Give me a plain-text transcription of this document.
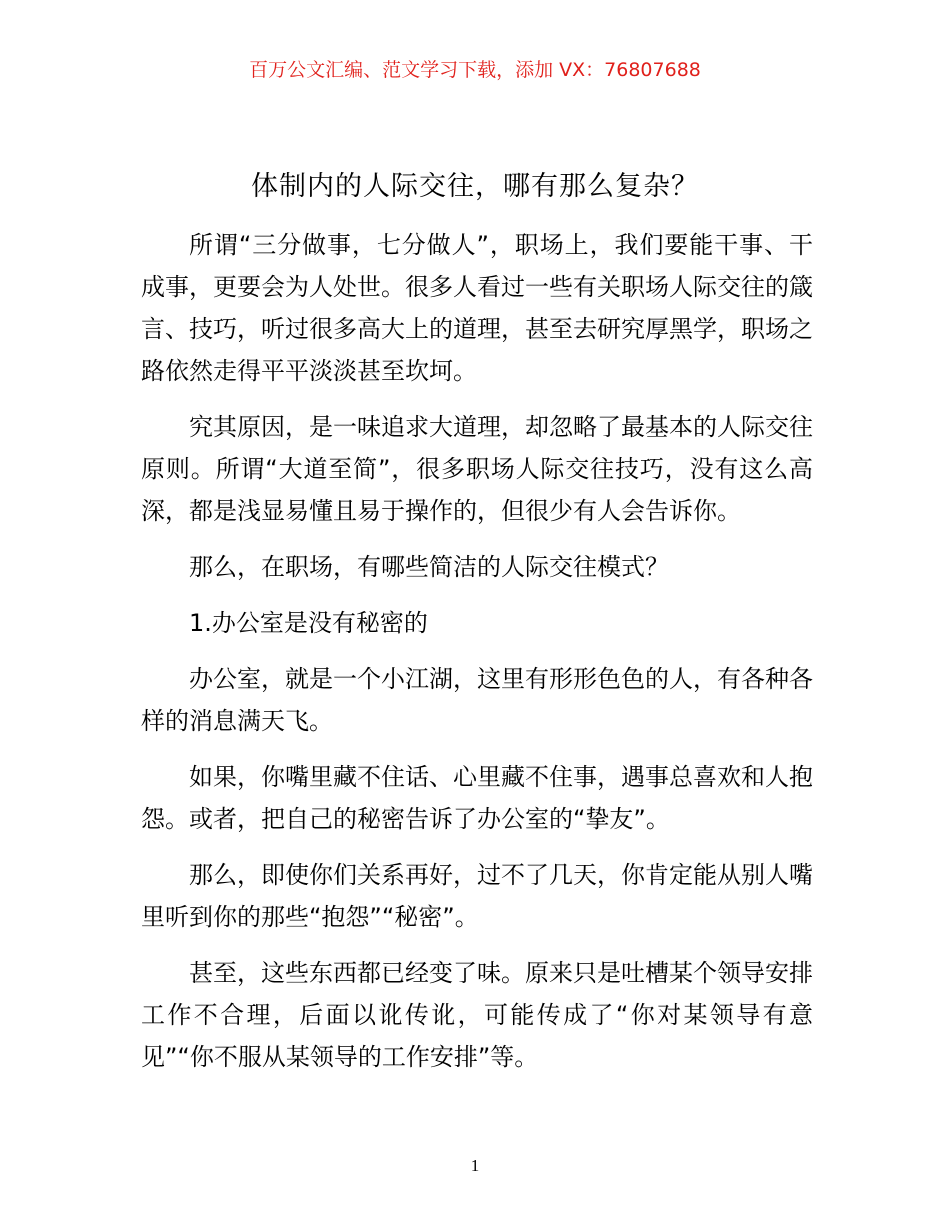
百万公文汇编、范文学习下载，添加 VX：76807688
体制内的人际交往，哪有那么复杂？

所谓“三分做事，七分做人”，职场上，我们要能干事、干成事，更要会为人处世。很多人看过一些有关职场人际交往的箴言、技巧，听过很多高大上的道理，甚至去研究厚黑学，职场之路依然走得平平淡淡甚至坎坷。

究其原因，是一味追求大道理，却忽略了最基本的人际交往原则。所谓“大道至简”，很多职场人际交往技巧，没有这么高深，都是浅显易懂且易于操作的，但很少有人会告诉你。

那么，在职场，有哪些简洁的人际交往模式？

1.办公室是没有秘密的

办公室，就是一个小江湖，这里有形形色色的人，有各种各样的消息满天飞。

如果，你嘴里藏不住话、心里藏不住事，遇事总喜欢和人抱怨。或者，把自己的秘密告诉了办公室的“挚友”。

那么，即使你们关系再好，过不了几天，你肯定能从别人嘴里听到你的那些“抱怨”“秘密”。

甚至，这些东西都已经变了味。原来只是吐槽某个领导安排工作不合理，后面以讹传讹，可能传成了“你对某领导有意见”“你不服从某领导的工作安排”等。

1
